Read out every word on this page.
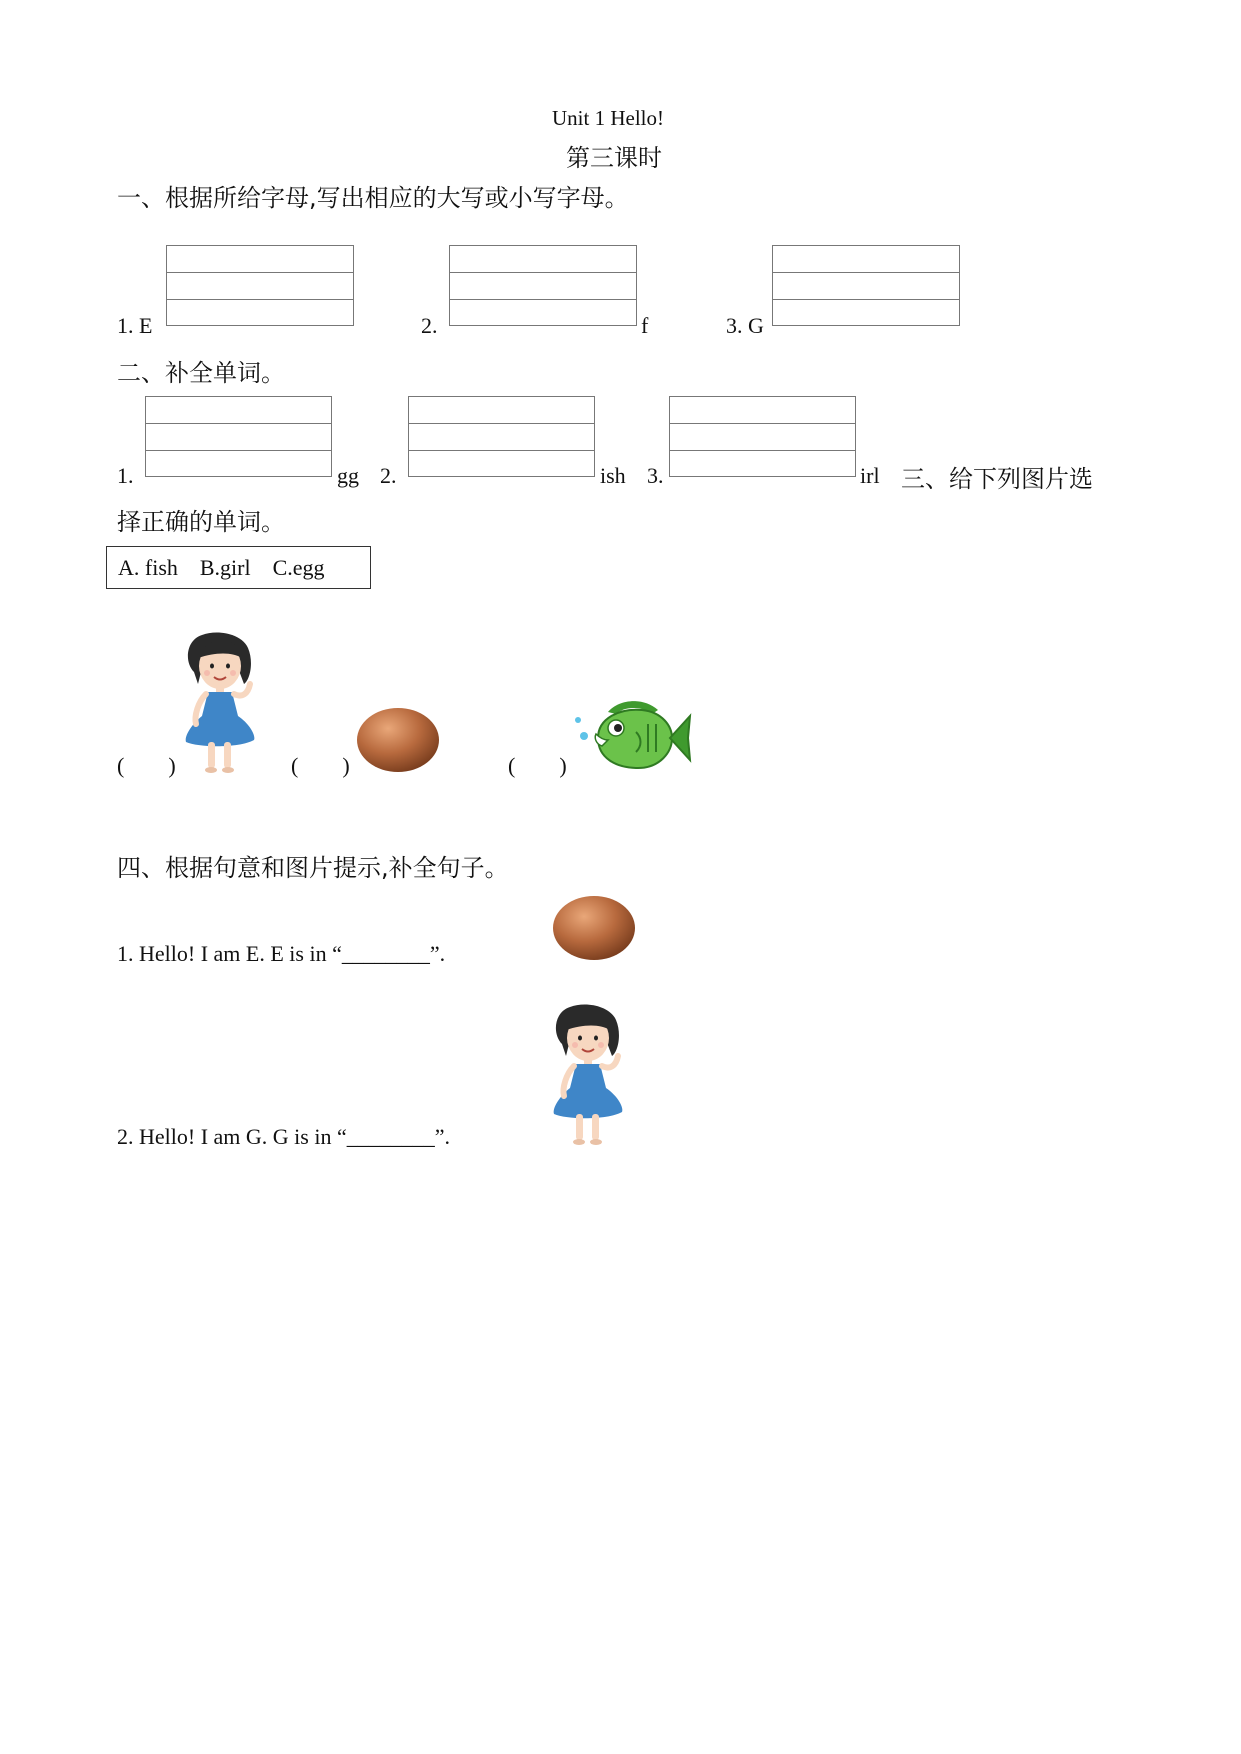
Unit 1 Hello!
第三课时
一、根据所给字母,写出相应的大写或小写字母。
1. E	2.	f	3. G
二、补全单词。
1.	gg 2.	ish 3.	irl 三、给下列图片选
择正确的单词。
A. fish    B.girl    C.egg
(        )	(        )	(        )
四、根据句意和图片提示,补全句子。
1. Hello! I am E. E is in “________”.
2. Hello! I am G. G is in “________”.
